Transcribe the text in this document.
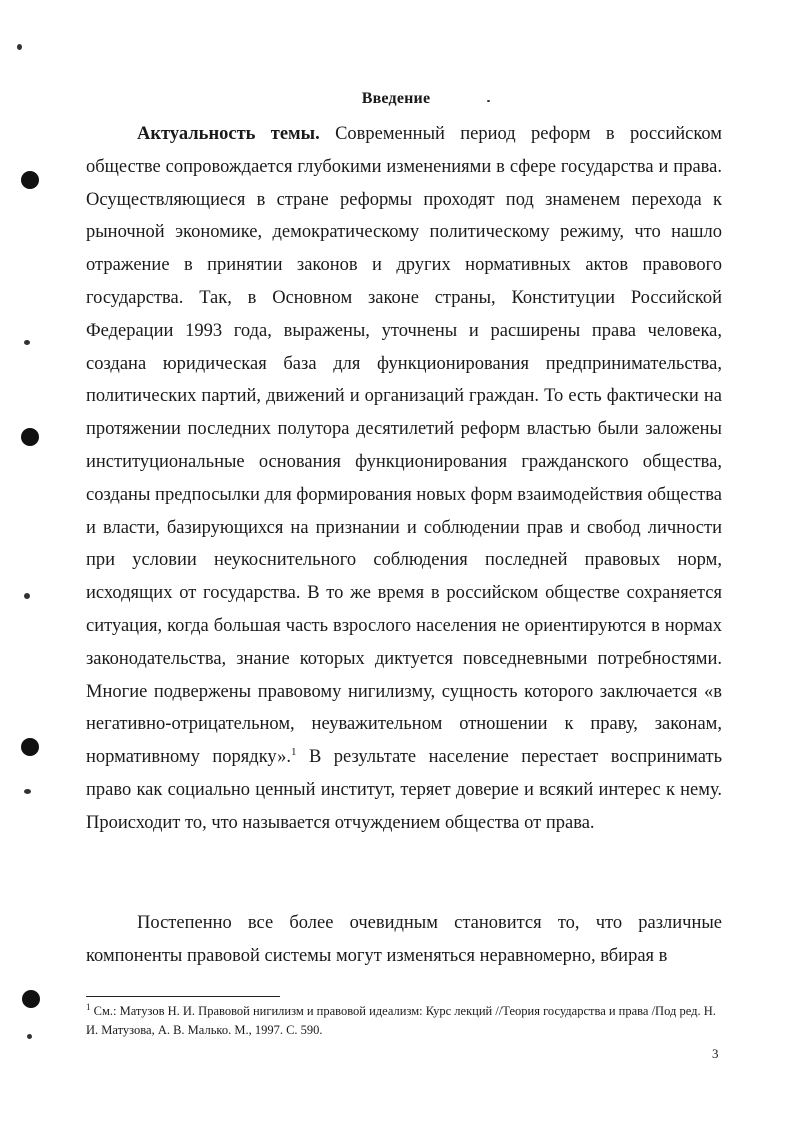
Введение

Актуальность темы. Современный период реформ в российском обществе сопровождается глубокими изменениями в сфере государства и права. Осуществляющиеся в стране реформы проходят под знаменем перехода к рыночной экономике, демократическому политическому режиму, что нашло отражение в принятии законов и других нормативных актов правового государства. Так, в Основном законе страны, Конституции Российской Федерации 1993 года, выражены, уточнены и расширены права человека, создана юридическая база для функционирования предпринимательства, политических партий, движений и организаций граждан. То есть фактически на протяжении последних полутора десятилетий реформ властью были заложены институциональные основания функционирования гражданского общества, созданы предпосылки для формирования новых форм взаимодействия общества и власти, базирующихся на признании и соблюдении прав и свобод личности при условии неукоснительного соблюдения последней правовых норм, исходящих от государства. В то же время в российском обществе сохраняется ситуация, когда большая часть взрослого населения не ориентируются в нормах законодательства, знание которых диктуется повседневными потребностями. Многие подвержены правовому нигилизму, сущность которого заключается «в негативно-отрицательном, неуважительном отношении к праву, законам, нормативному порядку».$^1$ В результате население перестает воспринимать право как социально ценный институт, теряет доверие и всякий интерес к нему. Происходит то, что называется отчуждением общества от права.

Постепенно все более очевидным становится то, что различные компоненты правовой системы могут изменяться неравномерно, вбирая в

$^1$ См.: Матузов Н. И. Правовой нигилизм и правовой идеализм: Курс лекций //Теория государства и права /Под ред. Н. И. Матузова, А. В. Малько. М., 1997. С. 590.
3
